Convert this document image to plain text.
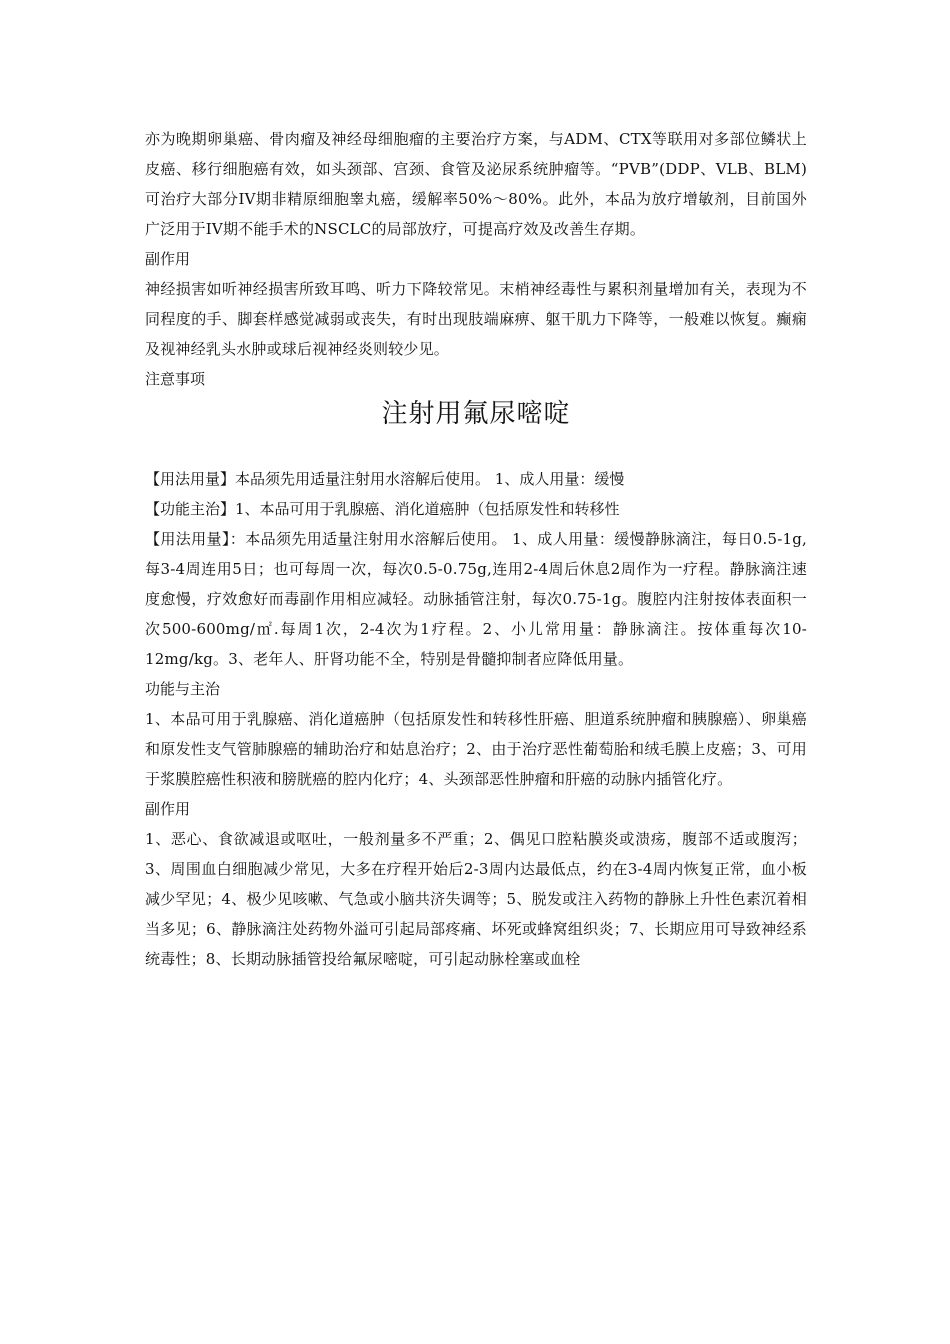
亦为晚期卵巢癌、骨肉瘤及神经母细胞瘤的主要治疗方案，与ADM、CTX等联用对多部位鳞状上皮癌、移行细胞癌有效，如头颈部、宫颈、食管及泌尿系统肿瘤等。“PVB”(DDP、VLB、BLM)可治疗大部分IV期非精原细胞睾丸癌，缓解率50%～80%。此外，本品为放疗增敏剂，目前国外广泛用于IV期不能手术的NSCLC的局部放疗，可提高疗效及改善生存期。

副作用

神经损害如听神经损害所致耳鸣、听力下降较常见。末梢神经毒性与累积剂量增加有关，表现为不同程度的手、脚套样感觉减弱或丧失，有时出现肢端麻痹、躯干肌力下降等，一般难以恢复。癫痫及视神经乳头水肿或球后视神经炎则较少见。

注意事项

注射用氟尿嘧啶

【用法用量】本品须先用适量注射用水溶解后使用。 1、成人用量：缓慢

【功能主治】1、本品可用于乳腺癌、消化道癌肿（包括原发性和转移性

【用法用量】：本品须先用适量注射用水溶解后使用。 1、成人用量：缓慢静脉滴注，每日0.5-1g,每3-4周连用5日；也可每周一次，每次0.5-0.75g,连用2-4周后休息2周作为一疗程。静脉滴注速度愈慢，疗效愈好而毒副作用相应减轻。动脉插管注射，每次0.75-1g。腹腔内注射按体表面积一次500-600mg/㎡.每周1次，2-4次为1疗程。2、小儿常用量：静脉滴注。按体重每次10-12mg/kg。3、老年人、肝肾功能不全，特别是骨髓抑制者应降低用量。

功能与主治

1、本品可用于乳腺癌、消化道癌肿（包括原发性和转移性肝癌、胆道系统肿瘤和胰腺癌）、卵巢癌和原发性支气管肺腺癌的辅助治疗和姑息治疗；2、由于治疗恶性葡萄胎和绒毛膜上皮癌；3、可用于浆膜腔癌性积液和膀胱癌的腔内化疗；4、头颈部恶性肿瘤和肝癌的动脉内插管化疗。

副作用

1、恶心、食欲减退或呕吐，一般剂量多不严重；2、偶见口腔粘膜炎或溃疡，腹部不适或腹泻；3、周围血白细胞减少常见，大多在疗程开始后2-3周内达最低点，约在3-4周内恢复正常，血小板减少罕见；4、极少见咳嗽、气急或小脑共济失调等；5、脱发或注入药物的静脉上升性色素沉着相当多见；6、静脉滴注处药物外溢可引起局部疼痛、坏死或蜂窝组织炎；7、长期应用可导致神经系统毒性；8、长期动脉插管投给氟尿嘧啶，可引起动脉栓塞或血栓
